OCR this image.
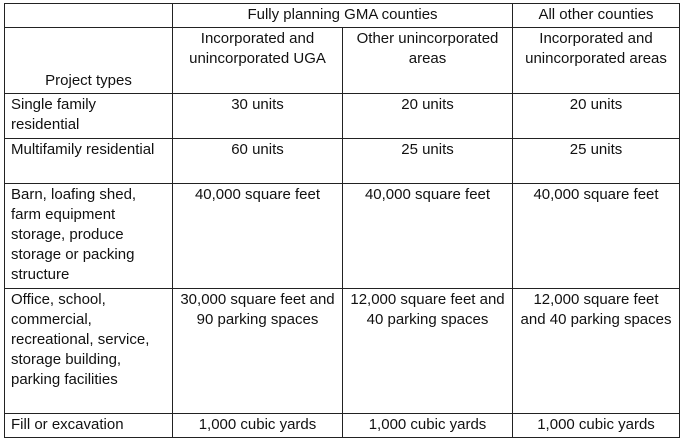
	Fully planning GMA counties		All other counties
Project types	Incorporated and unincorporated UGA	Other unincorporated areas	Incorporated and unincorporated areas

Single family residential	30 units	20 units	20 units
Multifamily residential	60 units	25 units	25 units
Barn, loafing shed, farm equipment storage, produce storage or packing structure	40,000 square feet	40,000 square feet	40,000 square feet
Office, school, commercial, recreational, service, storage building, parking facilities	30,000 square feet and 90 parking spaces	12,000 square feet and 40 parking spaces	12,000 square feet and 40 parking spaces
Fill or excavation	1,000 cubic yards	1,000 cubic yards	1,000 cubic yards
